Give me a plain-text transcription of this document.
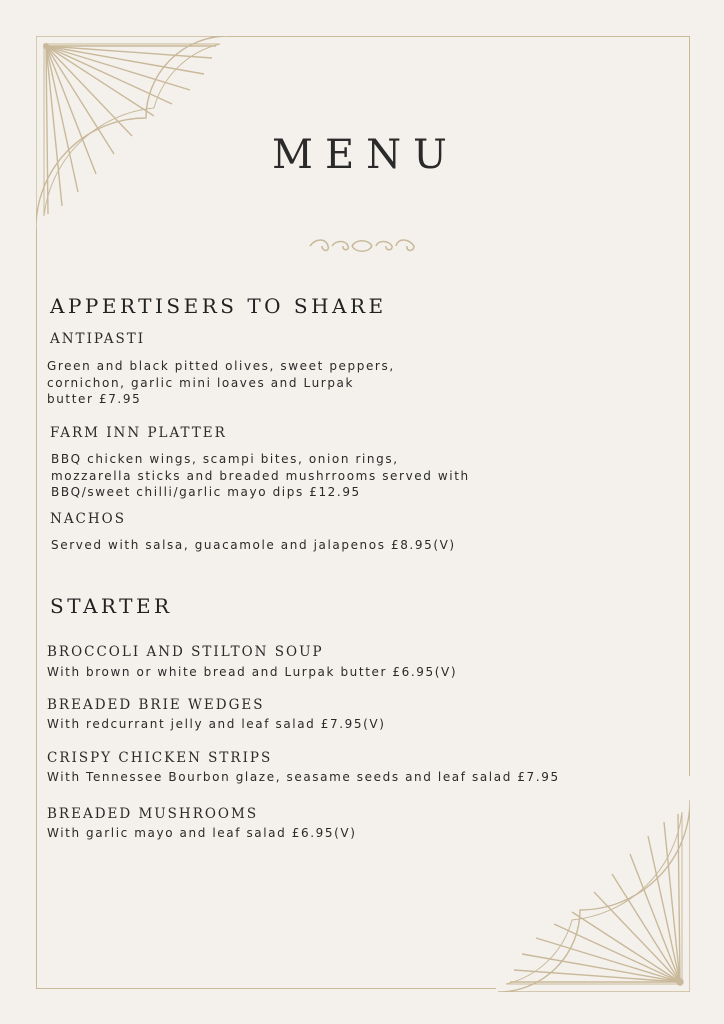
MENU
APPERTISERS TO SHARE
ANTIPASTI
Green and black pitted olives, sweet peppers,
cornichon, garlic mini loaves and Lurpak
butter £7.95
FARM INN PLATTER
BBQ chicken wings, scampi bites, onion rings,
mozzarella sticks and breaded mushrrooms served with
BBQ/sweet chilli/garlic mayo dips £12.95
NACHOS
Served with salsa, guacamole and jalapenos £8.95(V)
STARTER
BROCCOLI AND STILTON SOUP
With brown or white bread and Lurpak butter £6.95(V)
BREADED BRIE WEDGES
With redcurrant jelly and leaf salad £7.95(V)
CRISPY CHICKEN STRIPS
With Tennessee Bourbon glaze, seasame seeds and leaf salad £7.95
BREADED MUSHROOMS
With garlic mayo and leaf salad £6.95(V)
